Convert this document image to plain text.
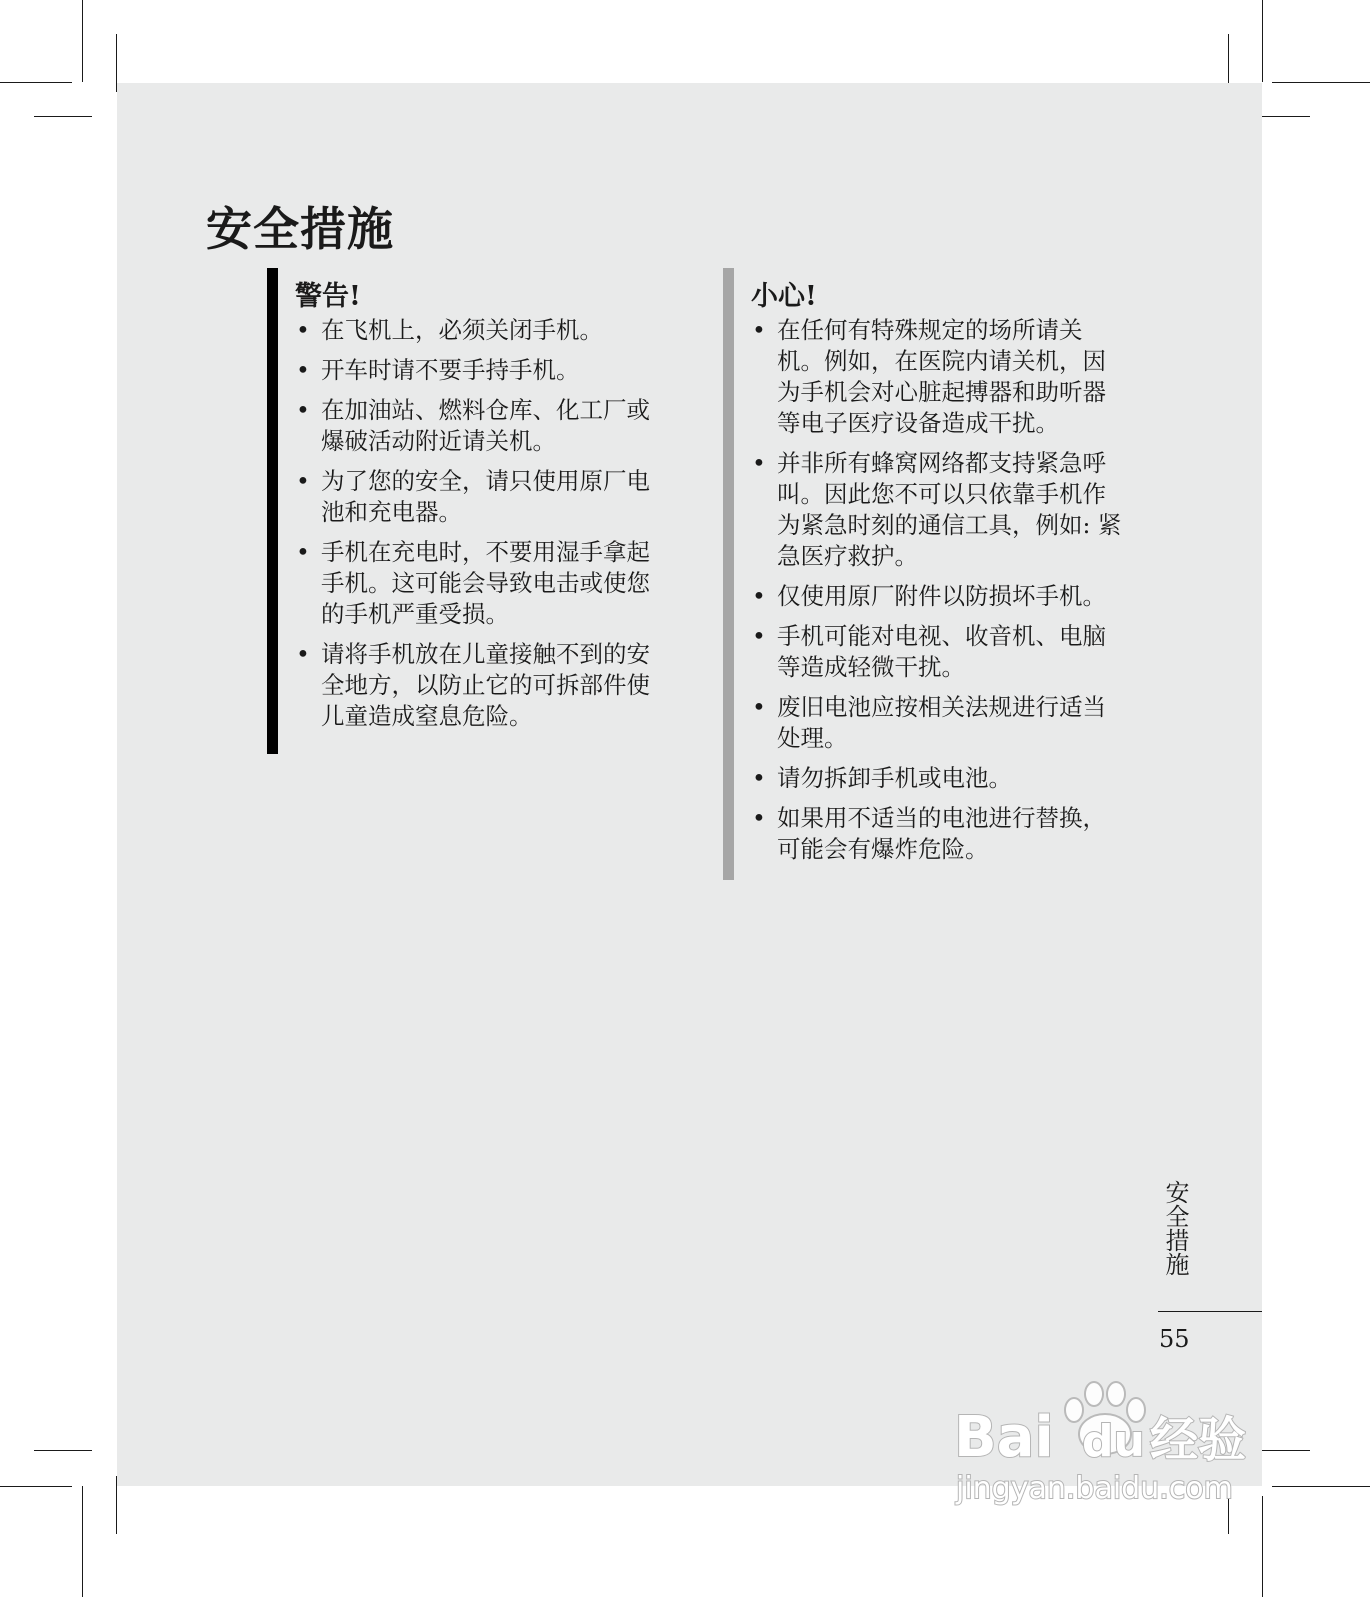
安全措施
警告!
• 在飞机上，必须关闭手机。
• 开车时请不要手持手机。
• 在加油站、燃料仓库、化工厂或爆破活动附近请关机。
• 为了您的安全，请只使用原厂电池和充电器。
• 手机在充电时，不要用湿手拿起手机。这可能会导致电击或使您的手机严重受损。
• 请将手机放在儿童接触不到的安全地方，以防止它的可拆部件使儿童造成窒息危险。
小心!
• 在任何有特殊规定的场所请关机。例如，在医院内请关机，因为手机会对心脏起搏器和助听器等电子医疗设备造成干扰。
• 并非所有蜂窝网络都支持紧急呼叫。因此您不可以只依靠手机作为紧急时刻的通信工具，例如: 紧急医疗救护。
• 仅使用原厂附件以防损坏手机。
• 手机可能对电视、收音机、电脑等造成轻微干扰。
• 废旧电池应按相关法规进行适当处理。
• 请勿拆卸手机或电池。
• 如果用不适当的电池进行替换，可能会有爆炸危险。
安全措施
55
Bai du 经验
jingyan.baidu.com
